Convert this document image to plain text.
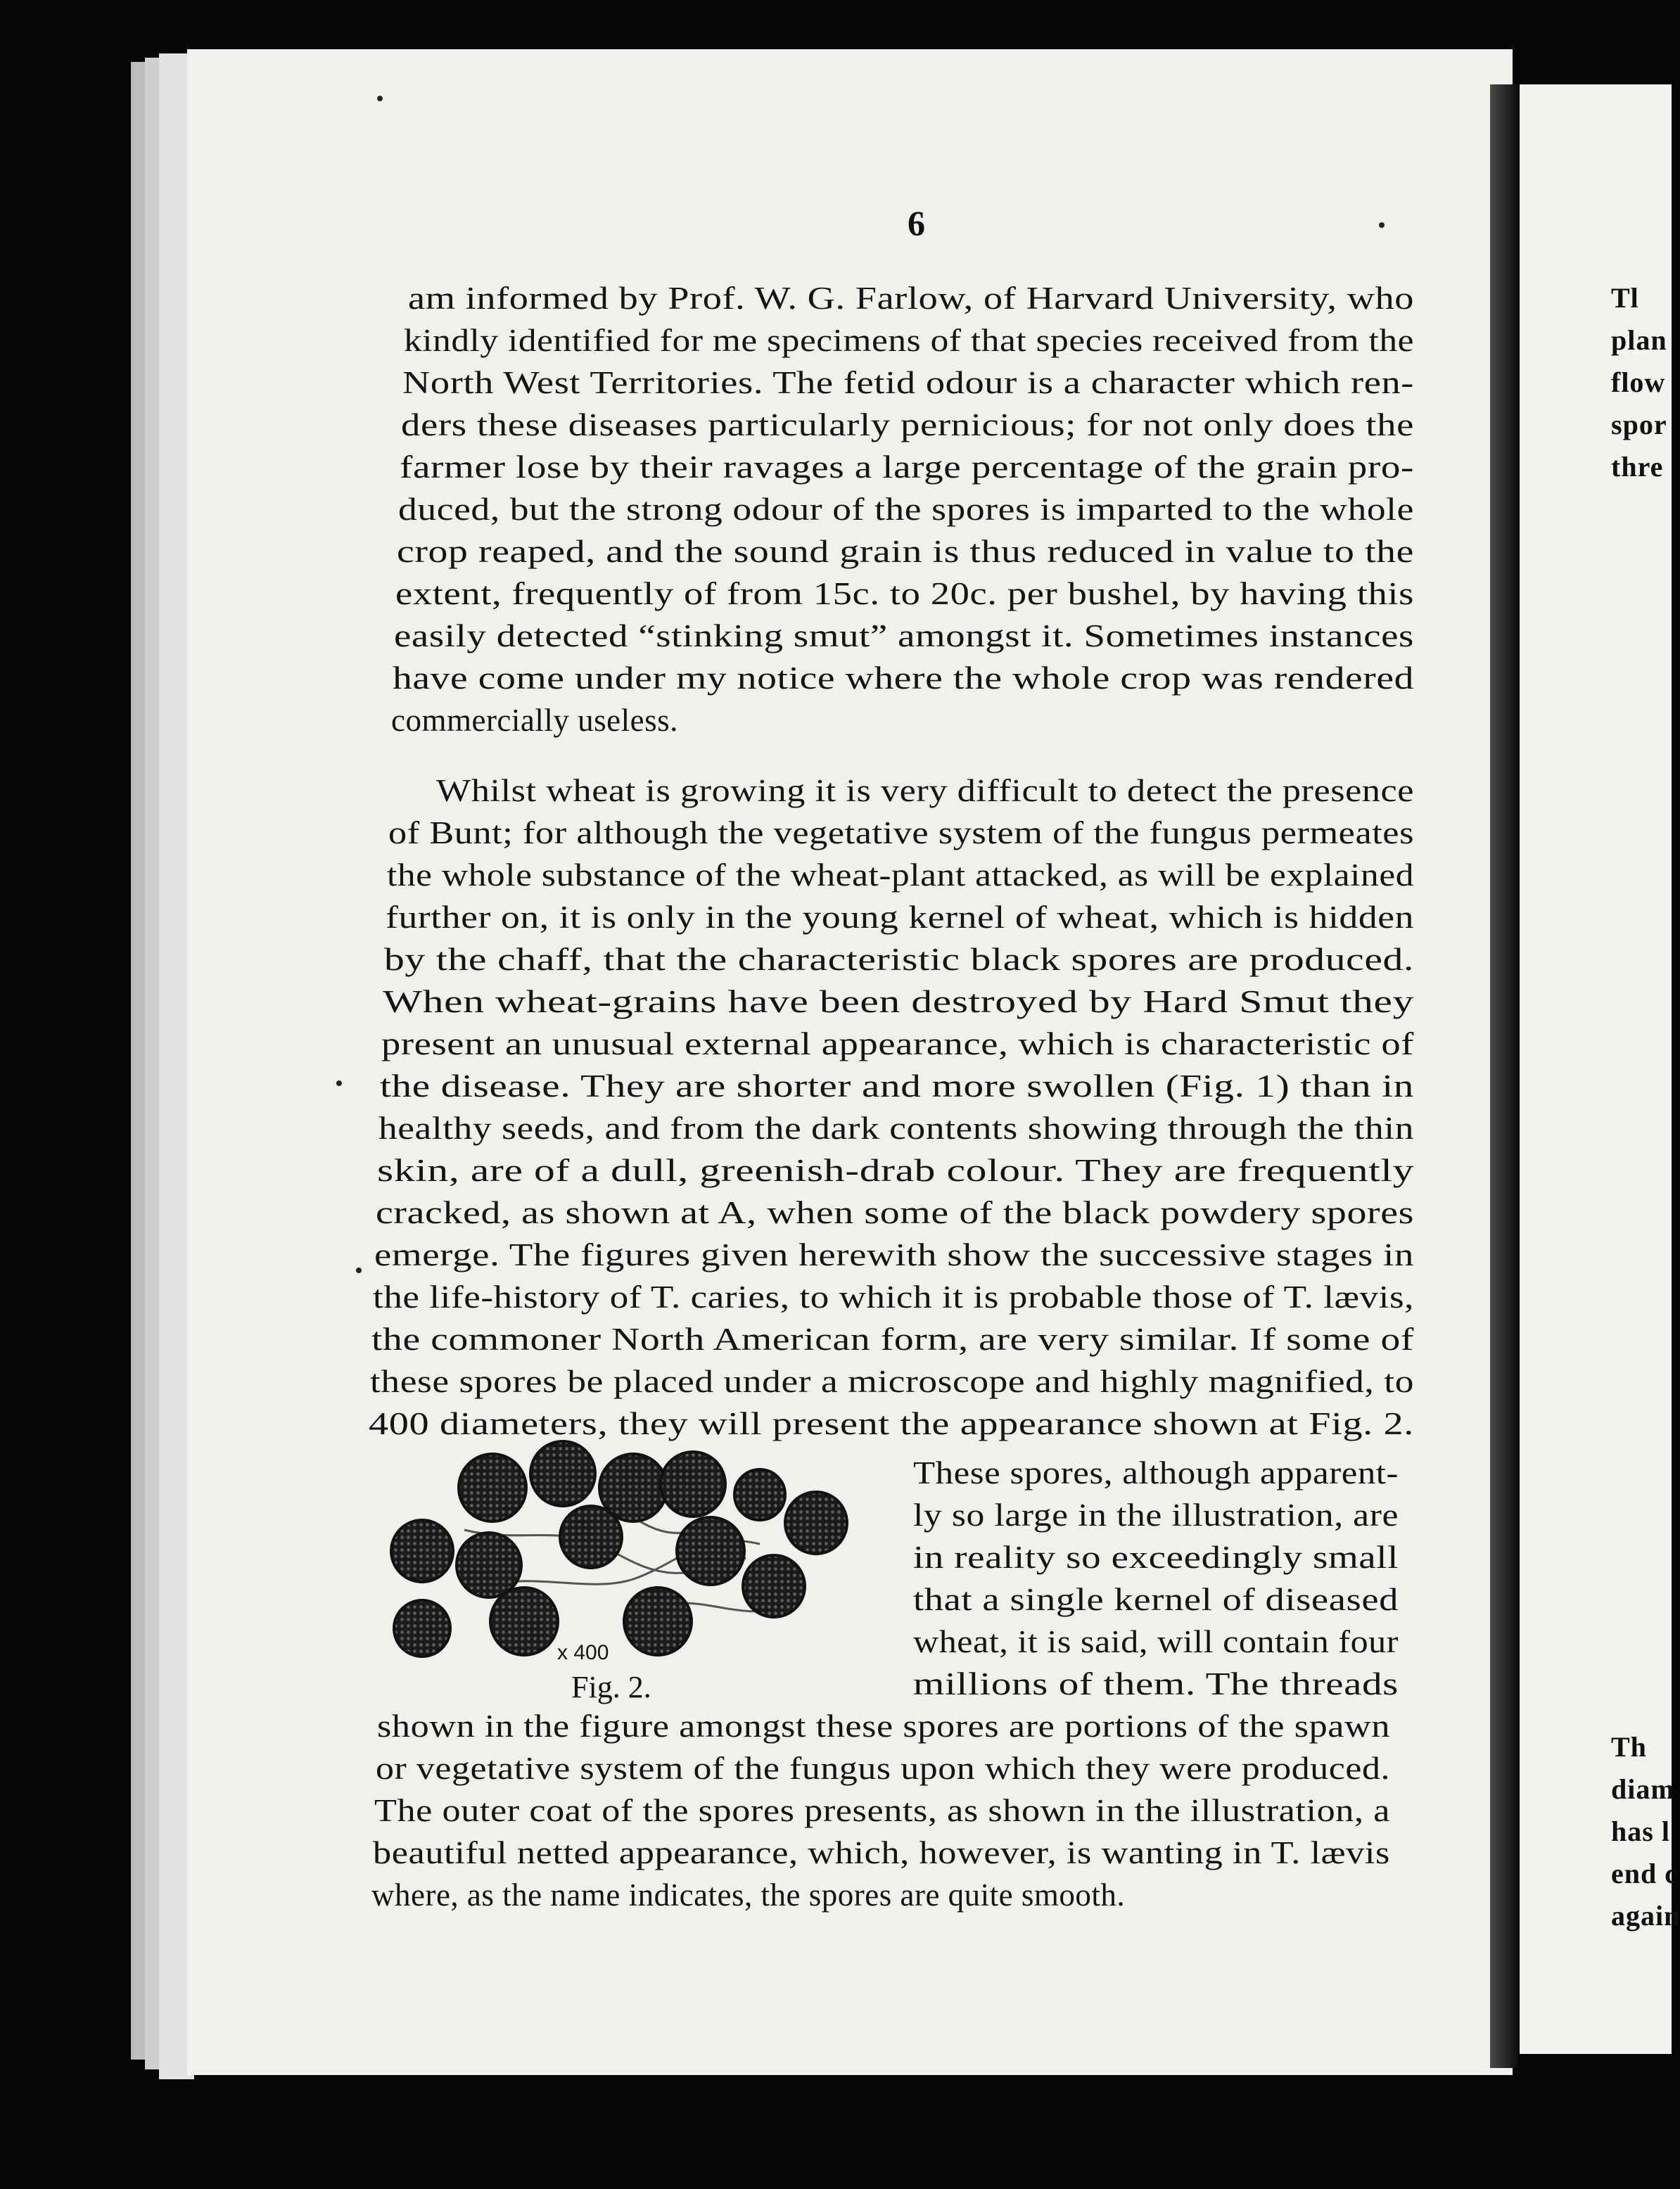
6
am informed by Prof. W. G. Farlow, of Harvard University, who
kindly identified for me specimens of that species received from the
North West Territories. The fetid odour is a character which ren-
ders these diseases particularly pernicious; for not only does the
farmer lose by their ravages a large percentage of the grain pro-
duced, but the strong odour of the spores is imparted to the whole
crop reaped, and the sound grain is thus reduced in value to the
extent, frequently of from 15c. to 20c. per bushel, by having this
easily detected “stinking smut” amongst it. Sometimes instances
have come under my notice where the whole crop was rendered
commercially useless.
Whilst wheat is growing it is very difficult to detect the presence
of Bunt; for although the vegetative system of the fungus permeates
the whole substance of the wheat-plant attacked, as will be explained
further on, it is only in the young kernel of wheat, which is hidden
by the chaff, that the characteristic black spores are produced.
When wheat-grains have been destroyed by Hard Smut they
present an unusual external appearance, which is characteristic of
the disease. They are shorter and more swollen (Fig. 1) than in
healthy seeds, and from the dark contents showing through the thin
skin, are of a dull, greenish-drab colour. They are frequently
cracked, as shown at A, when some of the black powdery spores
emerge. The figures given herewith show the successive stages in
the life-history of T. caries, to which it is probable those of T. lævis,
the commoner North American form, are very similar. If some of
these spores be placed under a microscope and highly magnified, to
400 diameters, they will present the appearance shown at Fig. 2.
These spores, although apparent-
ly so large in the illustration, are
in reality so exceedingly small
that a single kernel of diseased
wheat, it is said, will contain four
millions of them. The threads
shown in the figure amongst these spores are portions of the spawn
or vegetative system of the fungus upon which they were produced.
The outer coat of the spores presents, as shown in the illustration, a
beautiful netted appearance, which, however, is wanting in T. lævis
where, as the name indicates, the spores are quite smooth.
x 400
Fig. 2.
Tl
plan
flow
spor
thre
Th
diam
has l
end c
again
